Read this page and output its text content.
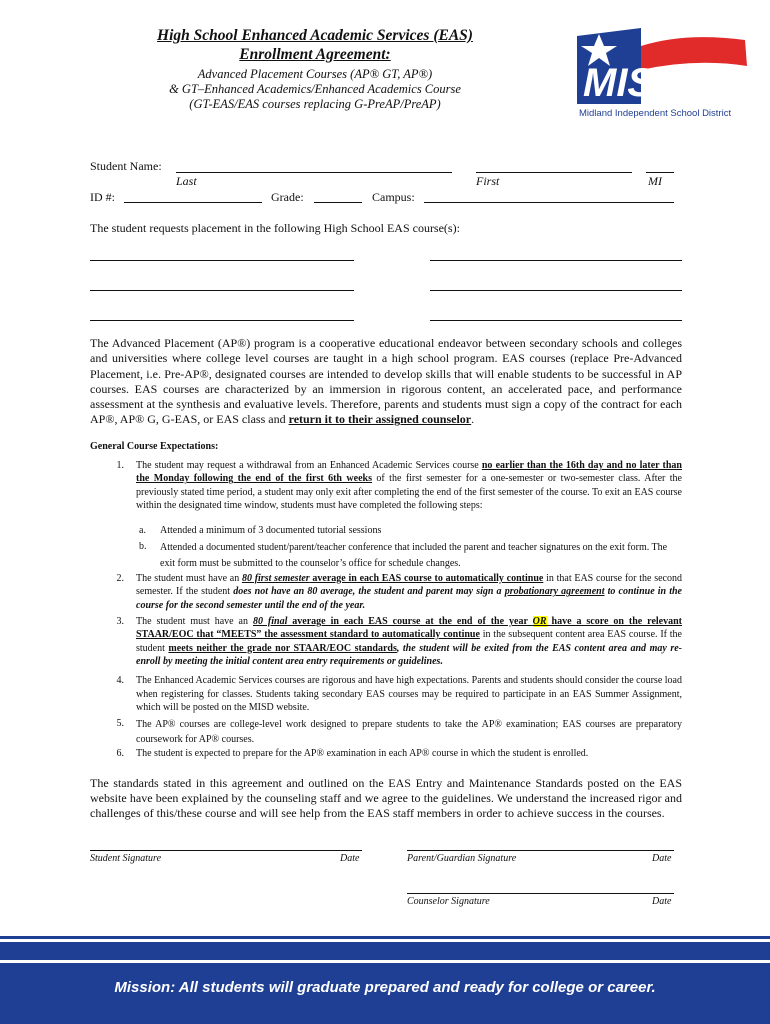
High School Enhanced Academic Services (EAS)
Enrollment Agreement:
Advanced Placement Courses (AP® GT, AP®)
& GT–Enhanced Academics/Enhanced Academics Course
(GT-EAS/EAS courses replacing G-PreAP/PreAP)	MISD
Midland Independent School District
Student Name:
Last	First	MI
ID #:	Grade:	Campus:
The student requests placement in the following High School EAS course(s):
The Advanced Placement (AP®) program is a cooperative educational endeavor between secondary schools and colleges and universities where college level courses are taught in a high school program. EAS courses (replace Pre-Advanced Placement, i.e. Pre-AP®, designated courses are intended to develop skills that will enable students to be successful in AP courses. EAS courses are characterized by an immersion in rigorous content, an accelerated pace, and performance assessment at the synthesis and evaluative levels. Therefore, parents and students must sign a copy of the contract for each AP®, AP® G, G-EAS, or EAS class and return it to their assigned counselor.
General Course Expectations:
1. The student may request a withdrawal from an Enhanced Academic Services course no earlier than the 16th day and no later than the Monday following the end of the first 6th weeks of the first semester for a one-semester or two-semester class. After the previously stated time period, a student may only exit after completing the end of the first semester of the course. To exit an EAS course within the designated time window, students must have completed the following steps:
a. Attended a minimum of 3 documented tutorial sessions
b. Attended a documented student/parent/teacher conference that included the parent and teacher signatures on the exit form. The exit form must be submitted to the counselor’s office for schedule changes.
2. The student must have an 80 first semester average in each EAS course to automatically continue in that EAS course for the second semester. If the student does not have an 80 average, the student and parent may sign a probationary agreement to continue in the course for the second semester until the end of the year.
3. The student must have an 80 final average in each EAS course at the end of the year OR have a score on the relevant STAAR/EOC that “MEETS” the assessment standard to automatically continue in the subsequent content area EAS course. If the student meets neither the grade nor STAAR/EOC standards, the student will be exited from the EAS content area and may re-enroll by meeting the initial content area entry requirements or guidelines.
4. The Enhanced Academic Services courses are rigorous and have high expectations. Parents and students should consider the course load when registering for classes. Students taking secondary EAS courses may be required to participate in an EAS Summer Assignment, which will be posted on the MISD website.
5. The AP® courses are college-level work designed to prepare students to take the AP® examination; EAS courses are preparatory coursework for AP® courses.
6. The student is expected to prepare for the AP® examination in each AP® course in which the student is enrolled.
The standards stated in this agreement and outlined on the EAS Entry and Maintenance Standards posted on the EAS website have been explained by the counseling staff and we agree to the guidelines. We understand the increased rigor and challenges of this/these course and will see help from the EAS staff members in order to achieve success in the courses.
Student Signature	Date	Parent/Guardian Signature	Date
Counselor Signature	Date
Mission: All students will graduate prepared and ready for college or career.
